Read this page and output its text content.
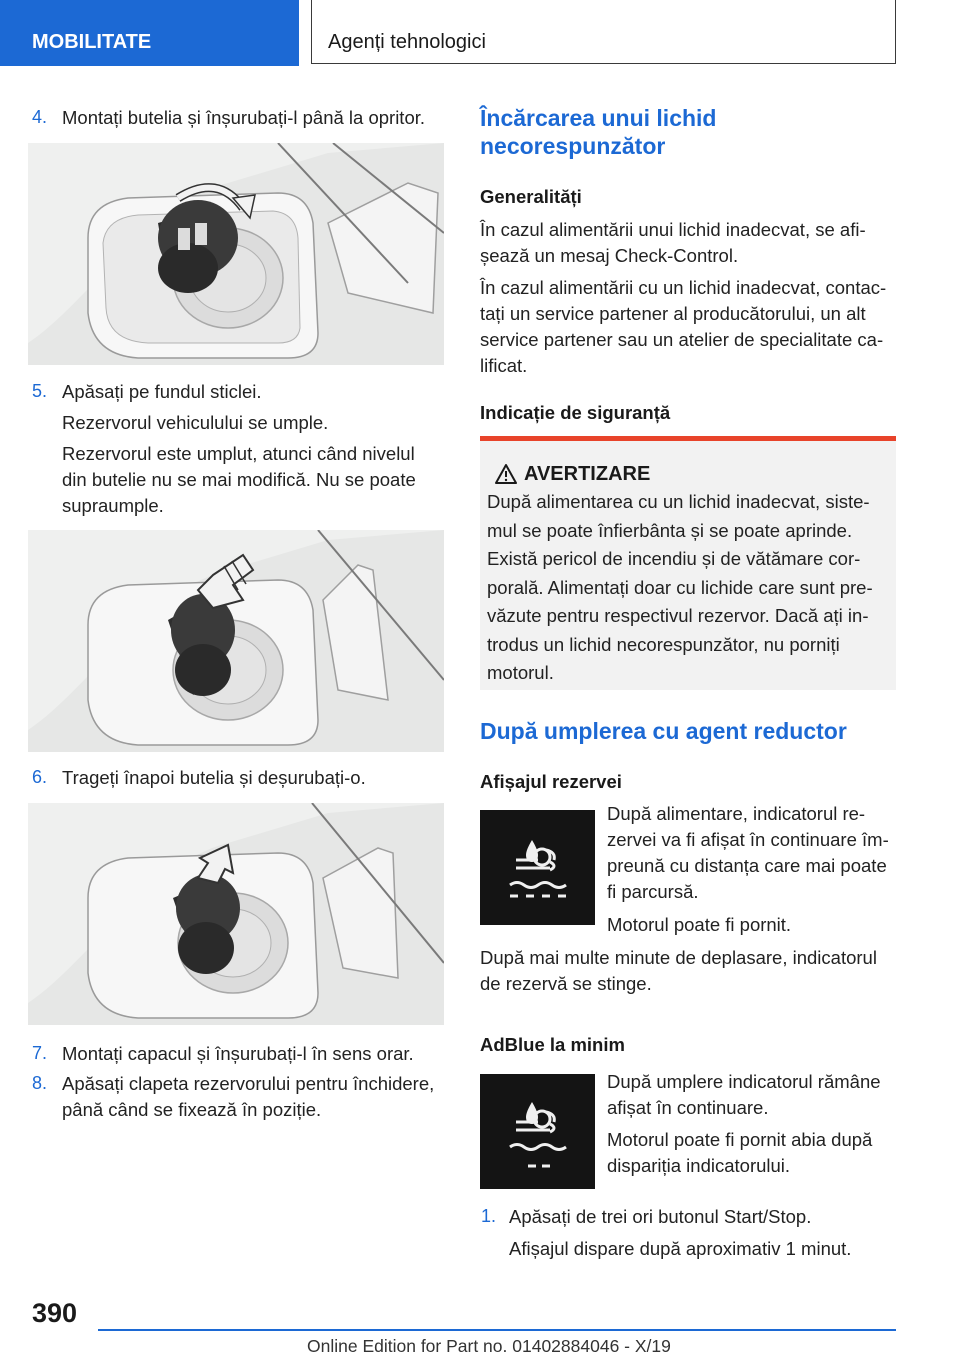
MOBILITATE	Agenți tehnologici
4. Montați butelia și înșurubați-l până la opritor.
5. Apăsați pe fundul sticlei.
Rezervorul vehiculului se umple.
Rezervorul este umplut, atunci când nivelul
din butelie nu se mai modifică. Nu se poate
supraumple.
6. Trageți înapoi butelia și deșurubați-o.
7. Montați capacul și înșurubați-l în sens orar.
8. Apăsați clapeta rezervorului pentru închidere,
până când se fixează în poziție.
Încărcarea unui lichid
necorespunzător
Generalități
În cazul alimentării unui lichid inadecvat, se afi-
șează un mesaj Check-Control.
În cazul alimentării cu un lichid inadecvat, contac-
tați un service partener al producătorului, un alt
service partener sau un atelier de specialitate ca-
lificat.
Indicație de siguranță
AVERTIZARE
După alimentarea cu un lichid inadecvat, siste-
mul se poate înfierbânta și se poate aprinde.
Există pericol de incendiu și de vătămare cor-
porală. Alimentați doar cu lichide care sunt pre-
văzute pentru respectivul rezervor. Dacă ați in-
trodus un lichid necorespunzător, nu porniți
motorul.
După umplerea cu agent reductor
Afișajul rezervei
După alimentare, indicatorul re-
zervei va fi afișat în continuare îm-
preună cu distanța care mai poate
fi parcursă.
Motorul poate fi pornit.
După mai multe minute de deplasare, indicatorul
de rezervă se stinge.
AdBlue la minim
După umplere indicatorul rămâne
afișat în continuare.
Motorul poate fi pornit abia după
dispariția indicatorului.
1. Apăsați de trei ori butonul Start/Stop.
Afișajul dispare după aproximativ 1 minut.
390
Online Edition for Part no. 01402884046 - X/19
